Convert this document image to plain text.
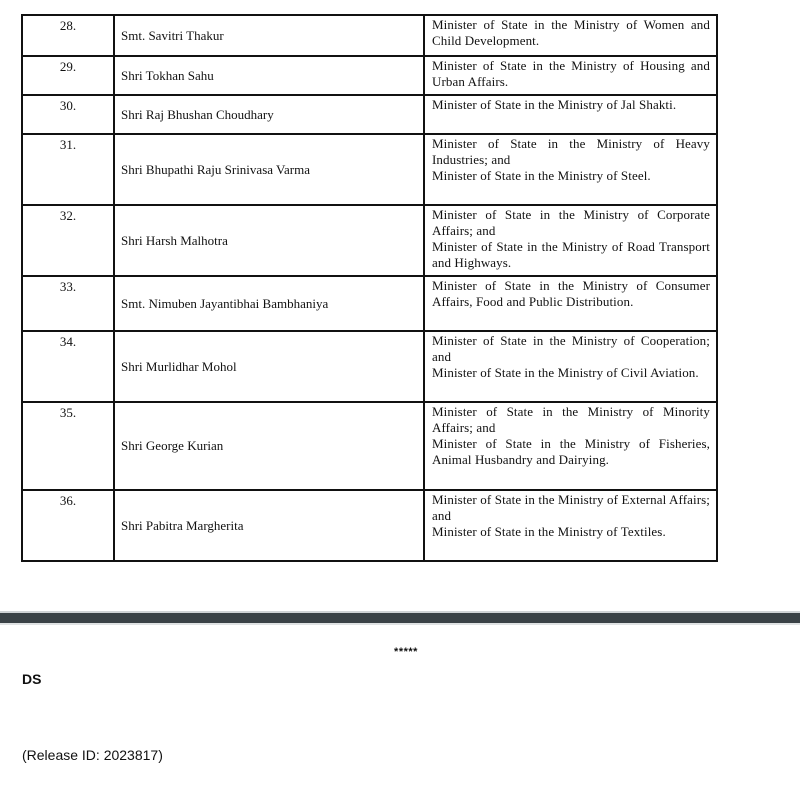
28.	Smt. Savitri Thakur	Minister of State in the Ministry of Women and Child Development.

29.	Shri Tokhan Sahu	Minister of State in the Ministry of Housing and Urban Affairs.

30.	Shri Raj Bhushan Choudhary	Minister of State in the Ministry of Jal Shakti.

31.	Shri Bhupathi Raju Srinivasa Varma	Minister of State in the Ministry of Heavy Industries; and
Minister of State in the Ministry of Steel.

32.	Shri Harsh Malhotra	Minister of State in the Ministry of Corporate Affairs; and
Minister of State in the Ministry of Road Transport and Highways.

33.	Smt. Nimuben Jayantibhai Bambhaniya	Minister of State in the Ministry of Consumer Affairs, Food and Public Distribution.

34.	Shri Murlidhar Mohol	Minister of State in the Ministry of Cooperation; and
Minister of State in the Ministry of Civil Aviation.

35.	Shri George Kurian	Minister of State in the Ministry of Minority Affairs; and
Minister of State in the Ministry of Fisheries, Animal Husbandry and Dairying.

36.	Shri Pabitra Margherita	Minister of State in the Ministry of External Affairs; and
Minister of State in the Ministry of Textiles.
*****
DS
(Release ID: 2023817)
